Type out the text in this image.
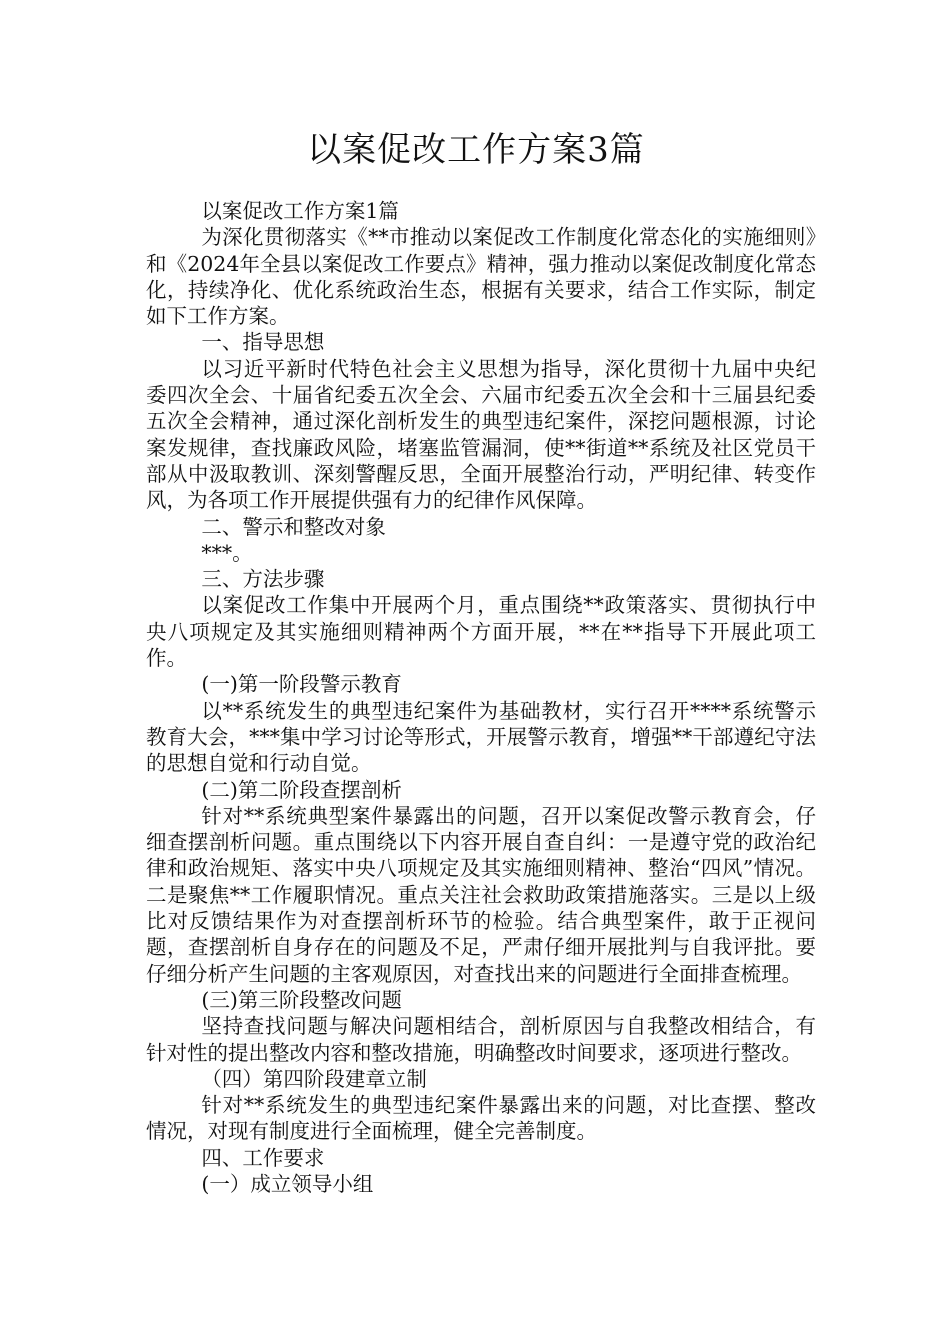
以案促改工作方案3篇

以案促改工作方案1篇

为深化贯彻落实《**市推动以案促改工作制度化常态化的实施细则》和《2024年全县以案促改工作要点》精神，强力推动以案促改制度化常态化，持续净化、优化系统政治生态，根据有关要求，结合工作实际，制定如下工作方案。

一、指导思想

以习近平新时代特色社会主义思想为指导，深化贯彻十九届中央纪委四次全会、十届省纪委五次全会、六届市纪委五次全会和十三届县纪委五次全会精神，通过深化剖析发生的典型违纪案件，深挖问题根源，讨论案发规律，查找廉政风险，堵塞监管漏洞，使**街道**系统及社区党员干部从中汲取教训、深刻警醒反思，全面开展整治行动，严明纪律、转变作风，为各项工作开展提供强有力的纪律作风保障。

二、警示和整改对象

***。

三、方法步骤

以案促改工作集中开展两个月，重点围绕**政策落实、贯彻执行中央八项规定及其实施细则精神两个方面开展，**在**指导下开展此项工作。

(一)第一阶段警示教育

以**系统发生的典型违纪案件为基础教材，实行召开****系统警示教育大会，***集中学习讨论等形式，开展警示教育，增强**干部遵纪守法的思想自觉和行动自觉。

(二)第二阶段查摆剖析

针对**系统典型案件暴露出的问题，召开以案促改警示教育会，仔细查摆剖析问题。重点围绕以下内容开展自查自纠：一是遵守党的政治纪律和政治规矩、落实中央八项规定及其实施细则精神、整治“四风”情况。二是聚焦**工作履职情况。重点关注社会救助政策措施落实。三是以上级比对反馈结果作为对查摆剖析环节的检验。结合典型案件，敢于正视问题，查摆剖析自身存在的问题及不足，严肃仔细开展批判与自我评批。要仔细分析产生问题的主客观原因，对查找出来的问题进行全面排查梳理。

(三)第三阶段整改问题

坚持查找问题与解决问题相结合，剖析原因与自我整改相结合，有针对性的提出整改内容和整改措施，明确整改时间要求，逐项进行整改。

（四）第四阶段建章立制

针对**系统发生的典型违纪案件暴露出来的问题，对比查摆、整改情况，对现有制度进行全面梳理，健全完善制度。

四、工作要求

(一）成立领导小组
